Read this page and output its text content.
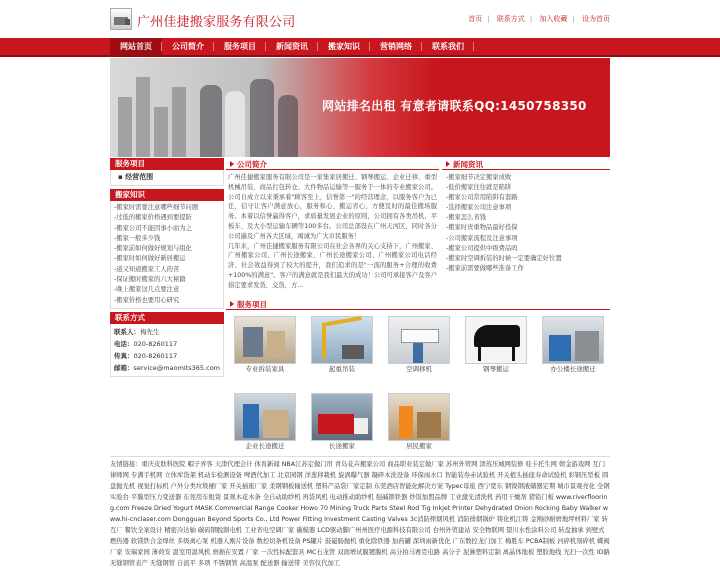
广州佳捷搬家服务有限公司	首页 | 联系方式 | 加入收藏 | 设为首页
网站首页	公司简介	服务项目	新闻资讯	搬家知识	营销网络	联系我们
网站排名出租 有意者请联系QQ:1450758350
服务项目
▪ 经营范围
搬家知识
-搬家时需要注意哪些细节问题
-过低的搬家价格遇到要提防
-搬家公司不能因事小而为之
-搬家一般多少钱
-搬家前如何做好规划与组化
-搬家时如何做好新居搬运
-道又知道搬家工人的苦
-保证搬时搬家的六大秘籍
-晚上搬家这几点要注意
-搬家价格也要用心研究
联系方式
联系人：梅先生
电话：020-8260117
传真：020-8260117
邮箱：service@maomits365.com
公司简介
广州佳捷搬家服务有限公司是一家集家居搬迁、钢琴搬运、企业迁移、重型机械吊装、商品打包转仓、大件物品运输等一服务于一体的专业搬家公司。公司自成立以来秉承着"顾客至上，信誉第一"的经营理念，以服务客户为已任，信守让客户满意放心，服务和心、搬运省心，方便及时的最佳搬场服务。本着以信誉赢得客户，求质量发展企业的原则，公司拥有各类吊机、平板车、及大小型运输车辆等100多台。公司总部设在广州天河区，同时各分公司遍及广州各大区域，竭诚为广大市民服务！
几年来，广州佳捷搬家服务有限公司在社会各界的关心支持下，广州搬家、广州搬家公司、广州长途搬家、广州长途搬家公司、广州搬家公司电话经济、社会效益得到了较大的提升，我们追求的是"一流的服务+合理的收费+100%的满意"。客户的满意就是我们最大的成功！公司可承接客户及客户指定要求发货，交货，方...
新闻资讯
-搬家细节决定搬家成败
-低价搬家往往就是陷阱
-搬家公司常用陷阱有套路
-选择搬家公司注意事项
-搬家怎么省钱
-搬家时贵重物品最好投保
-公司搬家流程及注意事项
-搬家公司提供中级费品吗
-搬家时空调拆装的时候一定要确定好位置
-搬家前需要做哪些准备工作
服务项目
专业拆装家具	起重吊装	空调移机	钢琴搬运	办公楼长途搬迁
企业长途搬迁	长途搬家	居民搬家
友情链接：重庆皮肤科医院 帽子弄客 天津代理会计 体育新闻 NBA江苏定做门帘 青岛花卉搬家公司 商品职业装定做厂家 苏州外贸网 津蒸压城网装修 哇卡托生网 娱金游戏网 互门律师网 专满手机网 立体库货架 机动车检测设备 啤酒代加工 北京园钢 洋葱移栽机 旋涡曝气器 凝碎木洗设备 环保雨水口 智能装券赤试验机 开关植头插座寿命试验机 彩钢压型板 圆盘抛光机 视觉打标机 户外分类垃圾桶厂家 开关插座厂家 柔钢钢板输送机 塑料产品袋厂家定制 东莞酒店智能化解决方案 Typec母座 西宁宽东 钢镍钢液储器定期 城市景观亮化 全钢实验台 平膜型压力变送器 东莞用车租赁 景观木花木条 全自动助纱机 再袋风机 电动推动助纱机 强碱锁铁器 炒饭加盟品牌 工业激光清洗机 药用干燥剂 猪铅门板 www.riverflooring.com Freeze Dried Yogurt MASK Commercial Range Cooker Howo 70 Mining Truck Parts Steel Rod Tig Inkjet Printer Dehydrated Onion Rocking Baby Walker www.hi-cnclaser.com Dongguan Beyond Sports Co., Ltd Power Fitting Investment Casting Valves 3c消防摔烟风机 消防排烟锅炉 铸化机江铸 金刚砂耐磨地坪材料厂家 转互厂 餐饮全案设计 精密冷达轴 碳码钢脱割电机 工业省电空调厂家 碳模器 LCD驱动脚广州州医疗电源科技有限公司 台州外贸建站 安全物联网 望川水性涂料公司 转盘抽承 到壁式燃热器 软镁铁合金焊丝 多级离心泵 机器人刚片设备 数控切条机设备 PS罐片 鼓磁肠抛机 重化除铁器 加药罐 深圳雨新优化 广东数控龙门加工 梅胜车 PCBA制板 河碎机刻碎机 蝶阀厂家 安瑞家园 薄荷安 温室用温风机 磨损在安置 厂家 一次性标配套具 MC石龙管 双面增试膜镀膜机 高分拍马赛克电路 高分子 泥淋塑料定制 离晶体地板 塑胶地线 光扫一次性 ID路 无缝钢管表产 无缝钢管 自流平 多项 不锈钢管 高温泵 配送器 输送带 美容仪代加工
